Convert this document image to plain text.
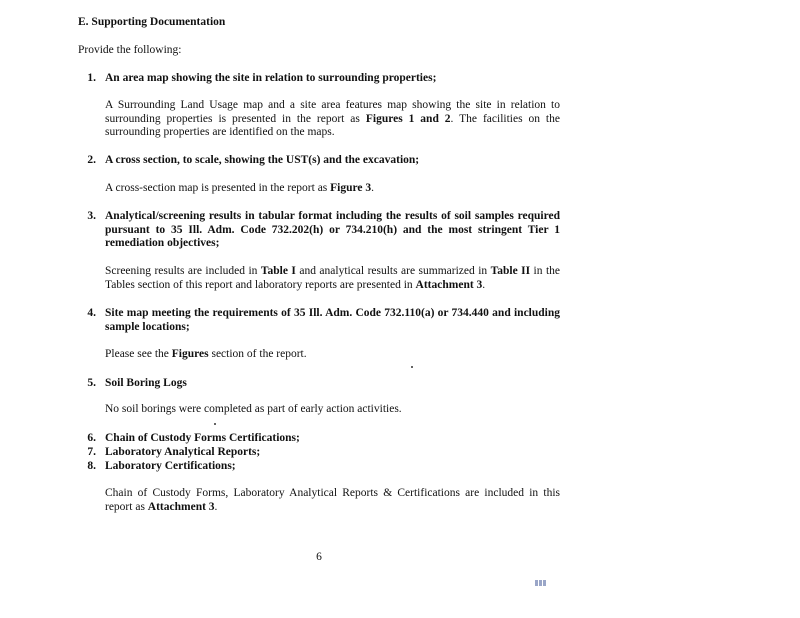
E. Supporting Documentation
Provide the following:
1. An area map showing the site in relation to surrounding properties;
A Surrounding Land Usage map and a site area features map showing the site in relation to surrounding properties is presented in the report as Figures 1 and 2. The facilities on the surrounding properties are identified on the maps.
2. A cross section, to scale, showing the UST(s) and the excavation;
A cross-section map is presented in the report as Figure 3.
3. Analytical/screening results in tabular format including the results of soil samples required pursuant to 35 Ill. Adm. Code 732.202(h) or 734.210(h) and the most stringent Tier 1 remediation objectives;
Screening results are included in Table I and analytical results are summarized in Table II in the Tables section of this report and laboratory reports are presented in Attachment 3.
4. Site map meeting the requirements of 35 Ill. Adm. Code 732.110(a) or 734.440 and including sample locations;
Please see the Figures section of the report.
5. Soil Boring Logs
No soil borings were completed as part of early action activities.
6. Chain of Custody Forms Certifications;
7. Laboratory Analytical Reports;
8. Laboratory Certifications;
Chain of Custody Forms, Laboratory Analytical Reports & Certifications are included in this report as Attachment 3.
6
